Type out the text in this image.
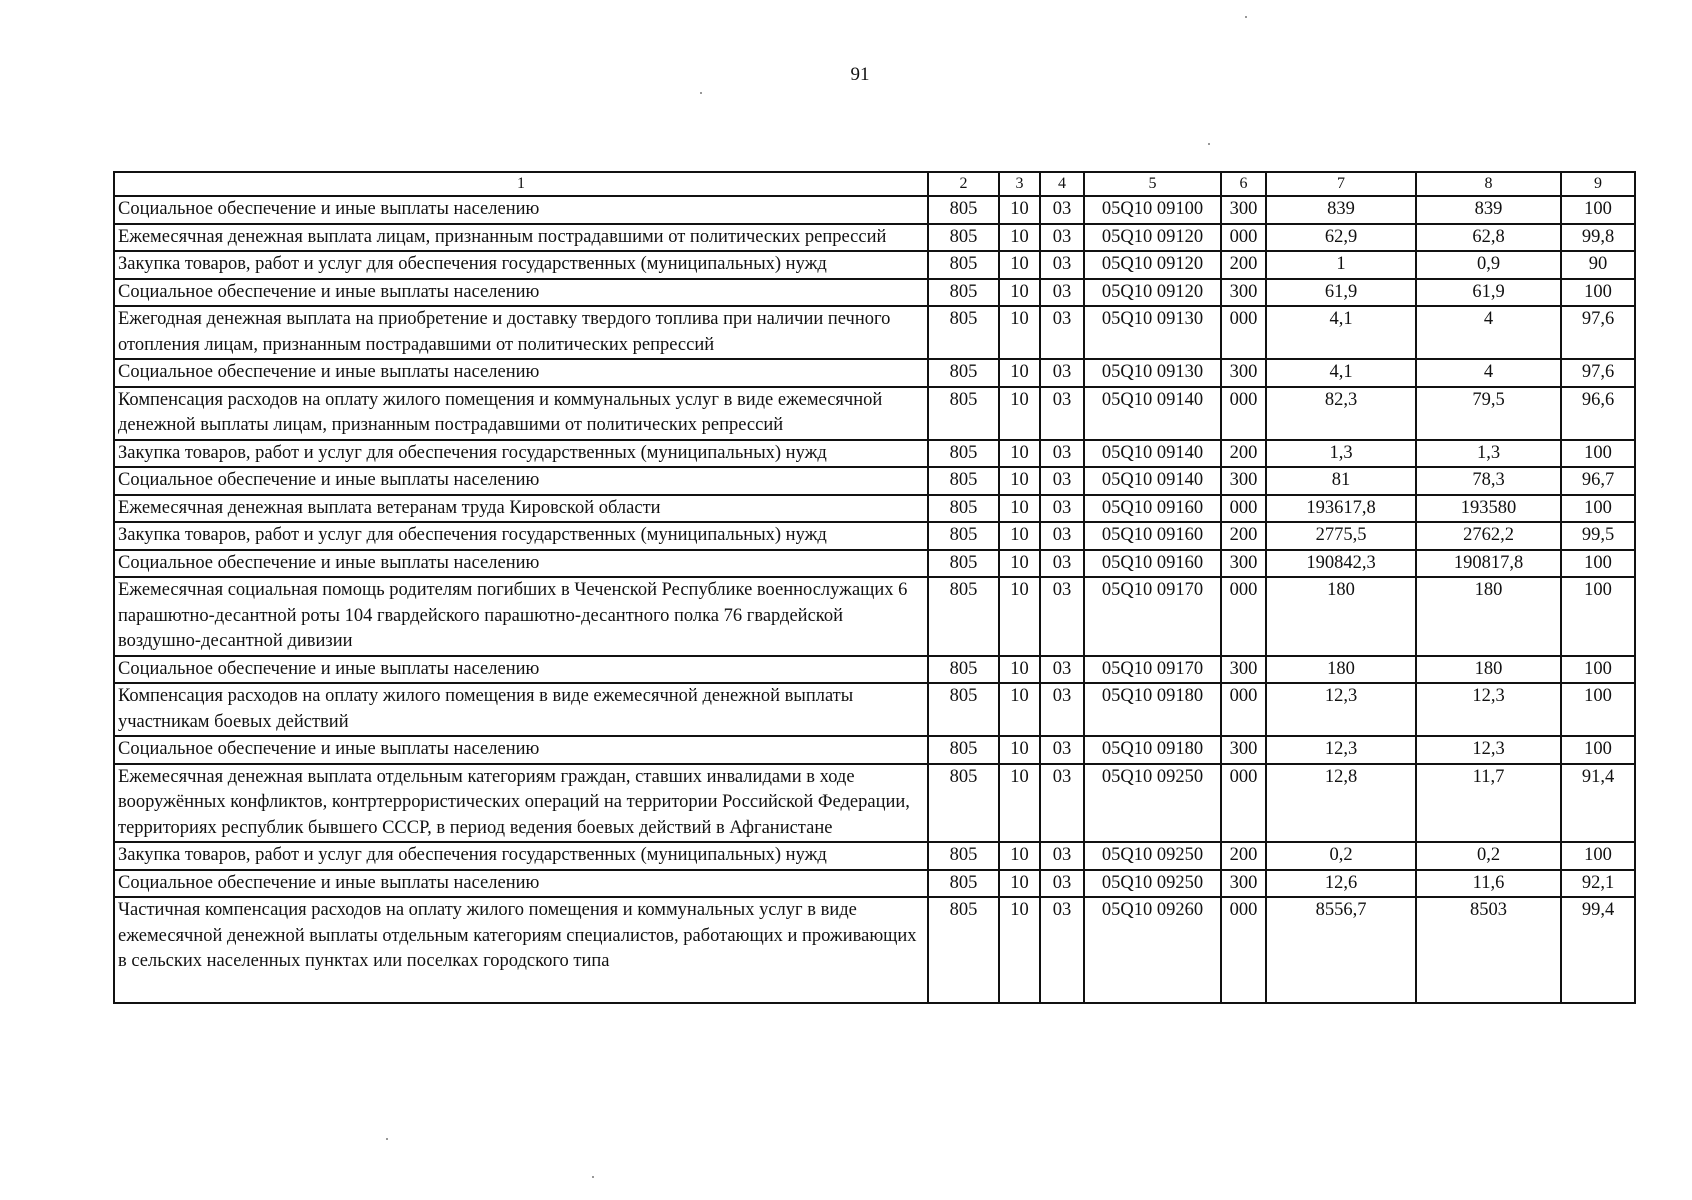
91
1	2	3	4	5	6	7	8	9
Социальное обеспечение и иные выплаты населению	805	10	03	05Q10 09100	300	839	839	100
Ежемесячная денежная выплата лицам, признанным пострадавшими от политических репрессий	805	10	03	05Q10 09120	000	62,9	62,8	99,8
Закупка товаров, работ и услуг для обеспечения государственных (муниципальных) нужд	805	10	03	05Q10 09120	200	1	0,9	90
Социальное обеспечение и иные выплаты населению	805	10	03	05Q10 09120	300	61,9	61,9	100
Ежегодная денежная выплата на приобретение и доставку твердого топлива при наличии печного отопления лицам, признанным пострадавшими от политических репрессий	805	10	03	05Q10 09130	000	4,1	4	97,6
Социальное обеспечение и иные выплаты населению	805	10	03	05Q10 09130	300	4,1	4	97,6
Компенсация расходов на оплату жилого помещения и коммунальных услуг в виде ежемесячной денежной выплаты лицам, признанным пострадавшими от политических репрессий	805	10	03	05Q10 09140	000	82,3	79,5	96,6
Закупка товаров, работ и услуг для обеспечения государственных (муниципальных) нужд	805	10	03	05Q10 09140	200	1,3	1,3	100
Социальное обеспечение и иные выплаты населению	805	10	03	05Q10 09140	300	81	78,3	96,7
Ежемесячная денежная выплата ветеранам труда Кировской области	805	10	03	05Q10 09160	000	193617,8	193580	100
Закупка товаров, работ и услуг для обеспечения государственных (муниципальных) нужд	805	10	03	05Q10 09160	200	2775,5	2762,2	99,5
Социальное обеспечение и иные выплаты населению	805	10	03	05Q10 09160	300	190842,3	190817,8	100
Ежемесячная социальная помощь родителям погибших в Чеченской Республике военнослужащих 6 парашютно-десантной роты 104 гвардейского парашютно-десантного полка 76 гвардейской воздушно-десантной дивизии	805	10	03	05Q10 09170	000	180	180	100
Социальное обеспечение и иные выплаты населению	805	10	03	05Q10 09170	300	180	180	100
Компенсация расходов на оплату жилого помещения в виде ежемесячной денежной выплаты участникам боевых действий	805	10	03	05Q10 09180	000	12,3	12,3	100
Социальное обеспечение и иные выплаты населению	805	10	03	05Q10 09180	300	12,3	12,3	100
Ежемесячная денежная выплата отдельным категориям граждан, ставших инвалидами в ходе вооружённых конфликтов, контртеррористических операций на территории Российской Федерации, территориях республик бывшего СССР, в период ведения боевых действий в Афганистане	805	10	03	05Q10 09250	000	12,8	11,7	91,4
Закупка товаров, работ и услуг для обеспечения государственных (муниципальных) нужд	805	10	03	05Q10 09250	200	0,2	0,2	100
Социальное обеспечение и иные выплаты населению	805	10	03	05Q10 09250	300	12,6	11,6	92,1
Частичная компенсация расходов на оплату жилого помещения и коммунальных услуг в виде ежемесячной денежной выплаты отдельным категориям специалистов, работающих и проживающих в сельских населенных пунктах или поселках городского типа	805	10	03	05Q10 09260	000	8556,7	8503	99,4
